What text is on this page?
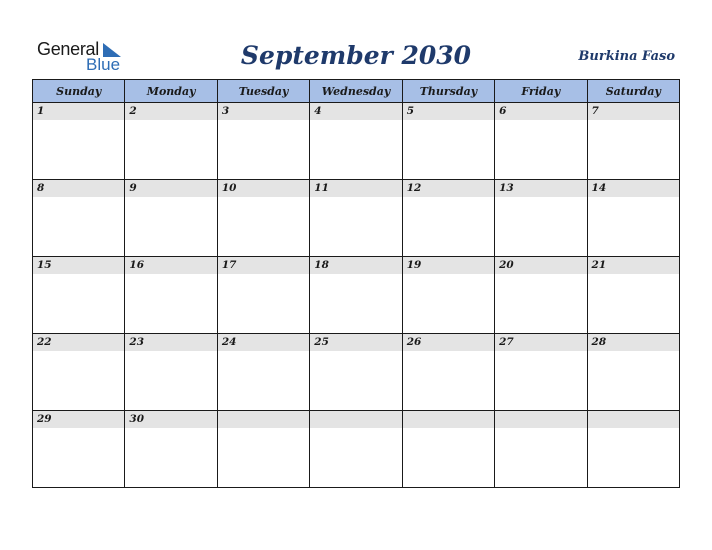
General
Blue	September 2030	Burkina Faso
Sunday	Monday	Tuesday	Wednesday	Thursday	Friday	Saturday

1	2	3	4	5	6	7

8	9	10	11	12	13	14

15	16	17	18	19	20	21

22	23	24	25	26	27	28

29	30					
